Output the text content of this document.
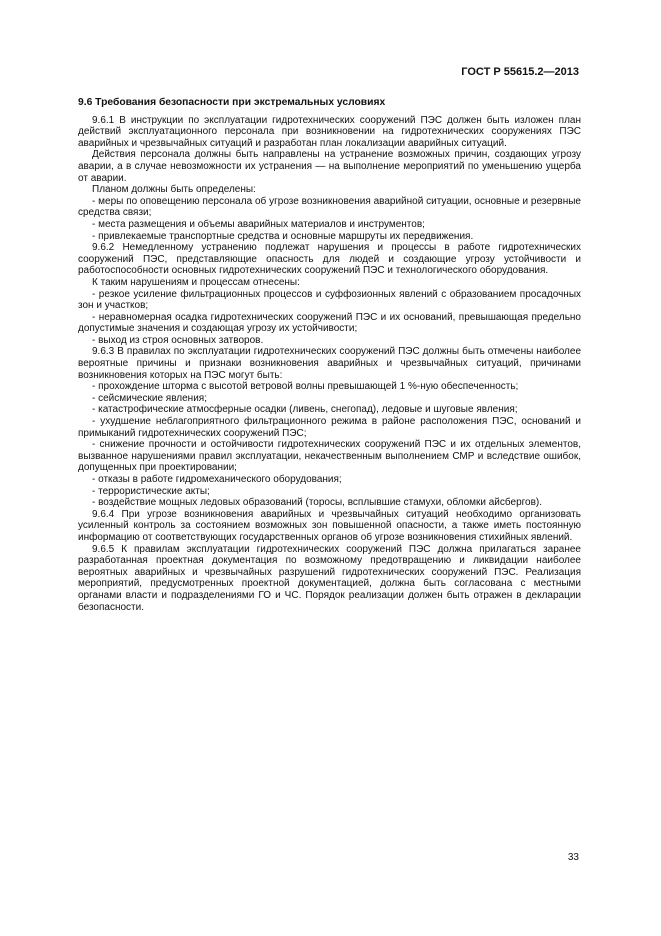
ГОСТ Р 55615.2—2013
9.6 Требования безопасности при экстремальных условиях

9.6.1 В инструкции по эксплуатации гидротехнических сооружений ПЭС должен быть изложен план действий эксплуатационного персонала при возникновении на гидротехнических сооружениях ПЭС аварийных и чрезвычайных ситуаций и разработан план локализации аварийных ситуаций.

Действия персонала должны быть направлены на устранение возможных причин, создающих угрозу аварии, а в случае невозможности их устранения — на выполнение мероприятий по уменьшению ущерба от аварии.

Планом должны быть определены:

- меры по оповещению персонала об угрозе возникновения аварийной ситуации, основные и резервные средства связи;

- места размещения и объемы аварийных материалов и инструментов;

- привлекаемые транспортные средства и основные маршруты их передвижения.

9.6.2 Немедленному устранению подлежат нарушения и процессы в работе гидротехнических сооружений ПЭС, представляющие опасность для людей и создающие угрозу устойчивости и работоспособности основных гидротехнических сооружений ПЭС и технологического оборудования.

К таким нарушениям и процессам отнесены:

- резкое усиление фильтрационных процессов и суффозионных явлений с образованием просадочных зон и участков;

- неравномерная осадка гидротехнических сооружений ПЭС и их оснований, превышающая предельно допустимые значения и создающая угрозу их устойчивости;

- выход из строя основных затворов.

9.6.3 В правилах по эксплуатации гидротехнических сооружений ПЭС должны быть отмечены наиболее вероятные причины и признаки возникновения аварийных и чрезвычайных ситуаций, причинами возникновения которых на ПЭС могут быть:

- прохождение шторма с высотой ветровой волны превышающей 1 %-ную обеспеченность;

- сейсмические явления;

- катастрофические атмосферные осадки (ливень, снегопад), ледовые и шуговые явления;

- ухудшение неблагоприятного фильтрационного режима в районе расположения ПЭС, оснований и примыканий гидротехнических сооружений ПЭС;

- снижение прочности и остойчивости гидротехнических сооружений ПЭС и их отдельных элементов, вызванное нарушениями правил эксплуатации, некачественным выполнением СМР и вследствие ошибок, допущенных при проектировании;

- отказы в работе гидромеханического оборудования;

- террористические акты;

- воздействие мощных ледовых образований (торосы, всплывшие стамухи, обломки айсбергов).

9.6.4 При угрозе возникновения аварийных и чрезвычайных ситуаций необходимо организовать усиленный контроль за состоянием возможных зон повышенной опасности, а также иметь постоянную информацию от соответствующих государственных органов об угрозе возникновения стихийных явлений.

9.6.5 К правилам эксплуатации гидротехнических сооружений ПЭС должна прилагаться заранее разработанная проектная документация по возможному предотвращению и ликвидации наиболее вероятных аварийных и чрезвычайных разрушений гидротехнических сооружений ПЭС. Реализация мероприятий, предусмотренных проектной документацией, должна быть согласована с местными органами власти и подразделениями ГО и ЧС. Порядок реализации должен быть отражен в декларации безопасности.

33
